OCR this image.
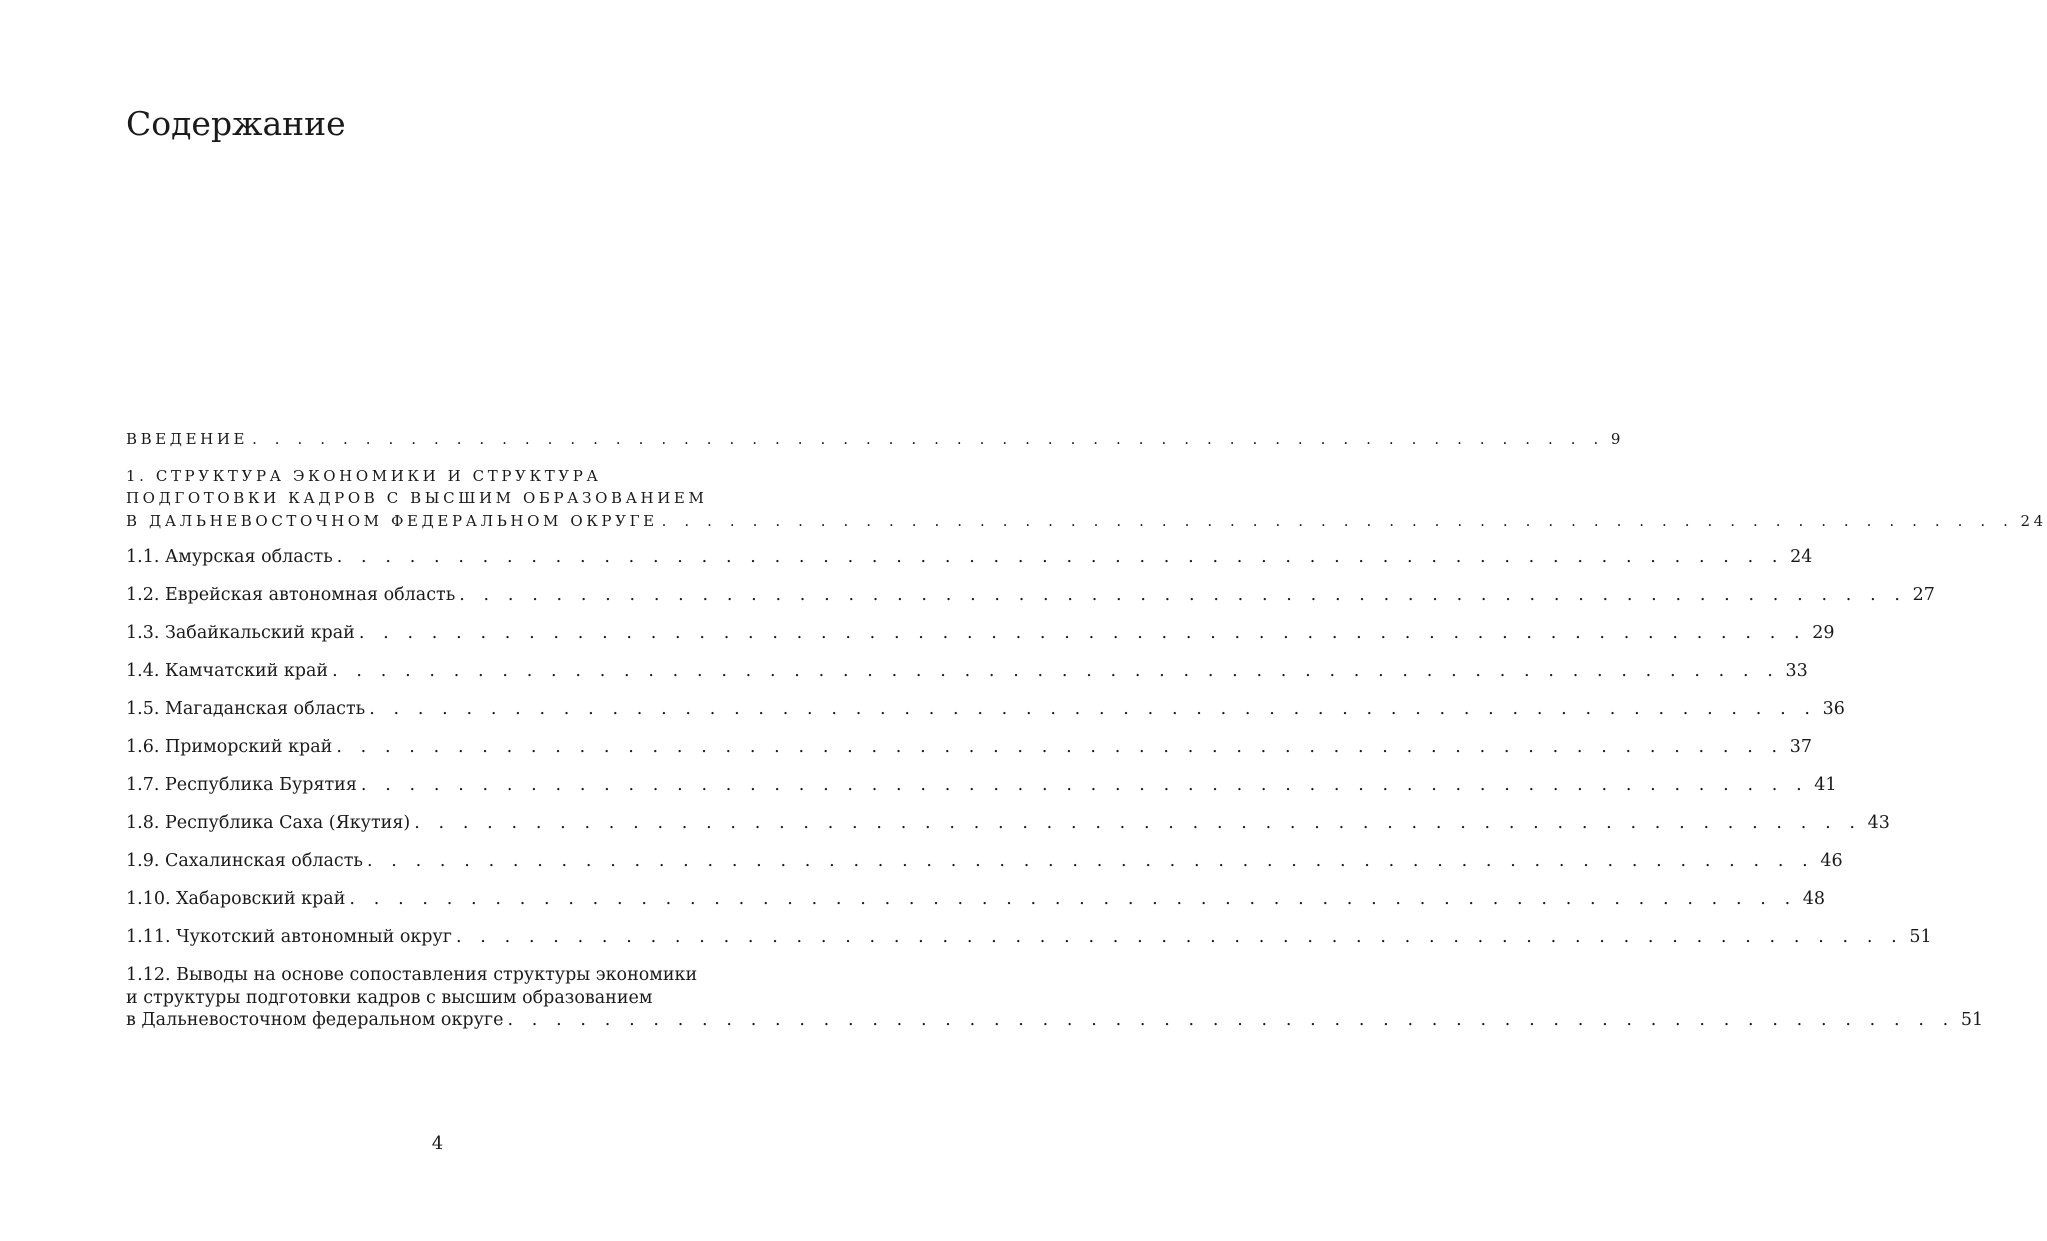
Содержание
ВВЕДЕНИЕ . . . . . . . . . . . . . . . . . . . . . . . . . . . . . . . . . . . . . . . . . . . . . . . . . . . . . . . . . . . . 9
1. СТРУКТУРА ЭКОНОМИКИ И СТРУКТУРА
ПОДГОТОВКИ КАДРОВ С ВЫСШИМ ОБРАЗОВАНИЕМ
В ДАЛЬНЕВОСТОЧНОМ ФЕДЕРАЛЬНОМ ОКРУГЕ . . . . . . . . . . . . . . . . . . . . . . . . . . . . . . . . . . . . . . . . . . . . . . . . . . . . . . . . . . . . 24
1.1. Амурская область . . . . . . . . . . . . . . . . . . . . . . . . . . . . . . . . . . . . . . . . . . . . . . . . . . . . . . . . . . . . 24
1.2. Еврейская автономная область . . . . . . . . . . . . . . . . . . . . . . . . . . . . . . . . . . . . . . . . . . . . . . . . . . . . . . . . . . . . 27
1.3. Забайкальский край . . . . . . . . . . . . . . . . . . . . . . . . . . . . . . . . . . . . . . . . . . . . . . . . . . . . . . . . . . . . 29
1.4. Камчатский край . . . . . . . . . . . . . . . . . . . . . . . . . . . . . . . . . . . . . . . . . . . . . . . . . . . . . . . . . . . . 33
1.5. Магаданская область . . . . . . . . . . . . . . . . . . . . . . . . . . . . . . . . . . . . . . . . . . . . . . . . . . . . . . . . . . . . 36
1.6. Приморский край . . . . . . . . . . . . . . . . . . . . . . . . . . . . . . . . . . . . . . . . . . . . . . . . . . . . . . . . . . . . 37
1.7. Республика Бурятия . . . . . . . . . . . . . . . . . . . . . . . . . . . . . . . . . . . . . . . . . . . . . . . . . . . . . . . . . . . . 41
1.8. Республика Саха (Якутия) . . . . . . . . . . . . . . . . . . . . . . . . . . . . . . . . . . . . . . . . . . . . . . . . . . . . . . . . . . . . 43
1.9. Сахалинская область . . . . . . . . . . . . . . . . . . . . . . . . . . . . . . . . . . . . . . . . . . . . . . . . . . . . . . . . . . . . 46
1.10. Хабаровский край . . . . . . . . . . . . . . . . . . . . . . . . . . . . . . . . . . . . . . . . . . . . . . . . . . . . . . . . . . . . 48
1.11. Чукотский автономный округ . . . . . . . . . . . . . . . . . . . . . . . . . . . . . . . . . . . . . . . . . . . . . . . . . . . . . . . . . . . . 51
1.12. Выводы на основе сопоставления структуры экономики
и структуры подготовки кадров с высшим образованием
в Дальневосточном федеральном округе . . . . . . . . . . . . . . . . . . . . . . . . . . . . . . . . . . . . . . . . . . . . . . . . . . . . . . . . . . . . 51
4
